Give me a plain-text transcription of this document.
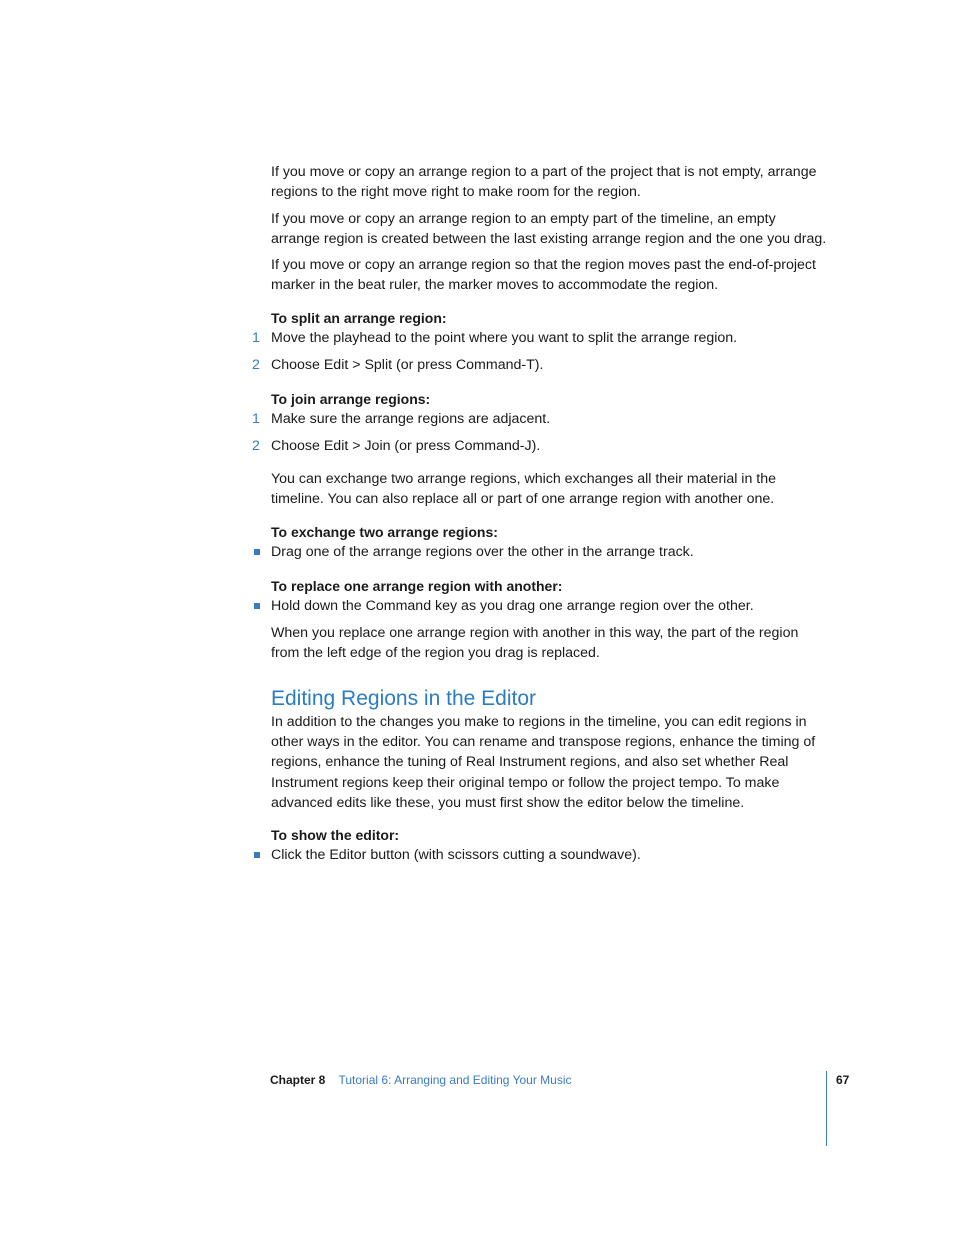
If you move or copy an arrange region to a part of the project that is not empty, arrange regions to the right move right to make room for the region.

If you move or copy an arrange region to an empty part of the timeline, an empty arrange region is created between the last existing arrange region and the one you drag.

If you move or copy an arrange region so that the region moves past the end-of-project marker in the beat ruler, the marker moves to accommodate the region.

To split an arrange region:

1 Move the playhead to the point where you want to split the arrange region.
2 Choose Edit > Split (or press Command-T).

To join arrange regions:

1 Make sure the arrange regions are adjacent.
2 Choose Edit > Join (or press Command-J).

You can exchange two arrange regions, which exchanges all their material in the timeline. You can also replace all or part of one arrange region with another one.

To exchange two arrange regions:

Drag one of the arrange regions over the other in the arrange track.

To replace one arrange region with another:

Hold down the Command key as you drag one arrange region over the other.

When you replace one arrange region with another in this way, the part of the region from the left edge of the region you drag is replaced.

Editing Regions in the Editor

In addition to the changes you make to regions in the timeline, you can edit regions in other ways in the editor. You can rename and transpose regions, enhance the timing of regions, enhance the tuning of Real Instrument regions, and also set whether Real Instrument regions keep their original tempo or follow the project tempo. To make advanced edits like these, you must first show the editor below the timeline.

To show the editor:

Click the Editor button (with scissors cutting a soundwave).
Chapter 8 Tutorial 6: Arranging and Editing Your Music	67
